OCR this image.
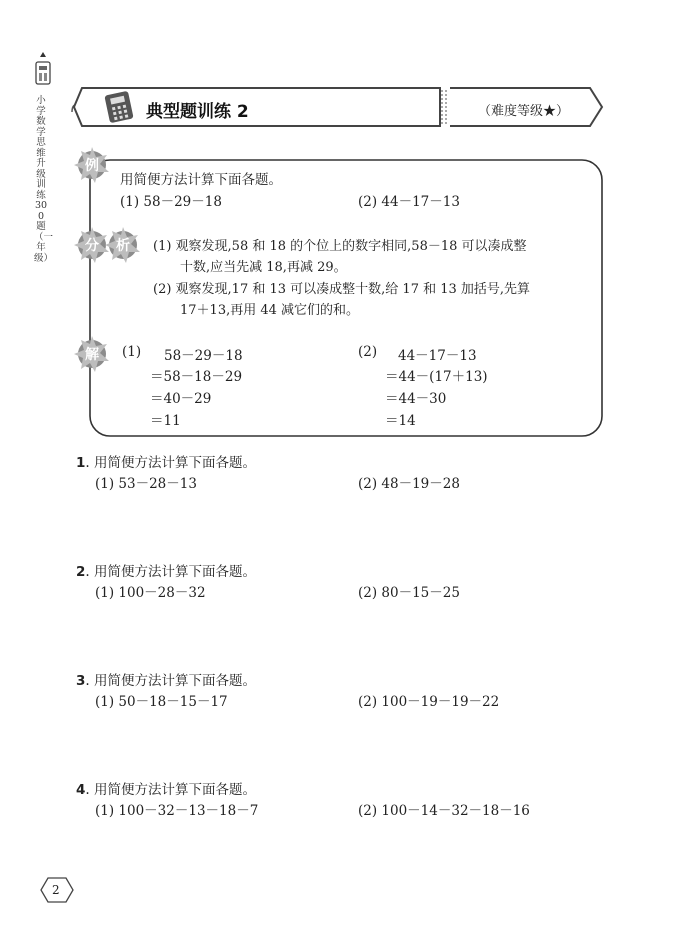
小学数学思维升级训练300题（一年级）
典型题训练 2	（难度等级★）
例
用简便方法计算下面各题。
(1) 58－29－18	(2) 44－17－13
分 析 (1) 观察发现,58 和 18 的个位上的数字相同,58－18 可以凑成整
十数,应当先减 18,再减 29。
(2) 观察发现,17 和 13 可以凑成整十数,给 17 和 13 加括号,先算
17＋13,再用 44 减它们的和。
解 (1) 58－29－18
＝58－18－29
＝40－29
＝11
(2) 44－17－13
＝44－(17＋13)
＝44－30
＝14
1. 用简便方法计算下面各题。
(1) 53－28－13	(2) 48－19－28
2. 用简便方法计算下面各题。
(1) 100－28－32	(2) 80－15－25
3. 用简便方法计算下面各题。
(1) 50－18－15－17	(2) 100－19－19－22
4. 用简便方法计算下面各题。
(1) 100－32－13－18－7	(2) 100－14－32－18－16
2
